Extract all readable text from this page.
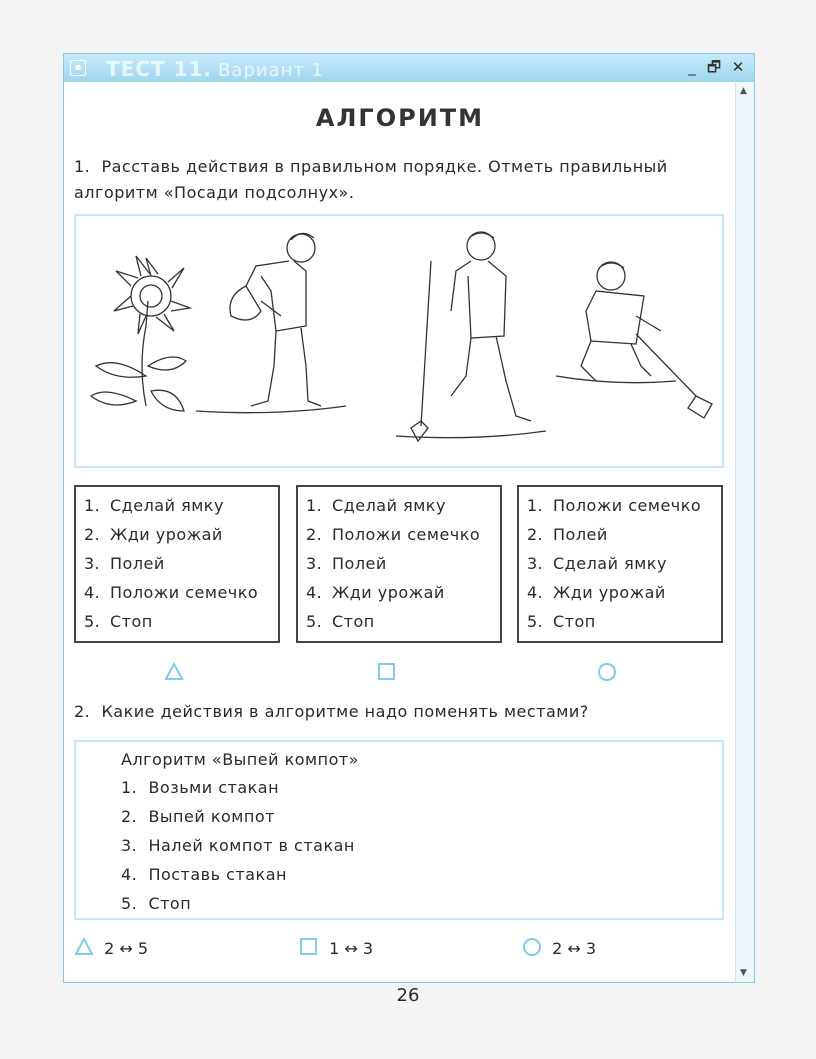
▪ ТЕСТ 11. Вариант 1	_ 🗗 ✕
▲
▼
АЛГОРИТМ
1. Расставь действия в правильном порядке. Отметь правильный
алгоритм «Посади подсолнух».
1. Сделай ямку
2. Жди урожай
3. Полей
4. Положи семечко
5. Стоп
1. Сделай ямку
2. Положи семечко
3. Полей
4. Жди урожай
5. Стоп
1. Положи семечко
2. Полей
3. Сделай ямку
4. Жди урожай
5. Стоп
2. Какие действия в алгоритме надо поменять местами?
Алгоритм «Выпей компот»
1. Возьми стакан
2. Выпей компот
3. Налей компот в стакан
4. Поставь стакан
5. Стоп
2 ↔ 5	1 ↔ 3	2 ↔ 3
26
